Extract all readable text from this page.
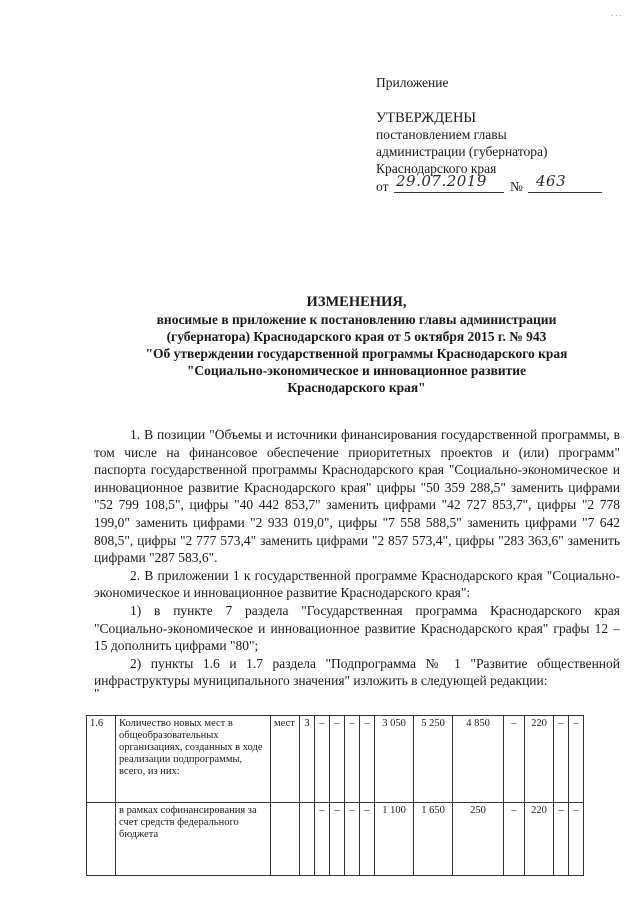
. . .
Приложение
УТВЕРЖДЕНЫ
постановлением главы
администрации (губернатора)
Краснодарского края
от 29.07.2019 № 463
ИЗМЕНЕНИЯ,
вносимые в приложение к постановлению главы администрации
(губернатора) Краснодарского края от 5 октября 2015 г. № 943
"Об утверждении государственной программы Краснодарского края
"Социально-экономическое и инновационное развитие
Краснодарского края"

1. В позиции "Объемы и источники финансирования государственной программы, в том числе на финансовое обеспечение приоритетных проектов и (или) программ" паспорта государственной программы Краснодарского края "Социально-экономическое и инновационное развитие Краснодарского края" цифры "50 359 288,5" заменить цифрами "52 799 108,5", цифры "40 442 853,7" заменить цифрами "42 727 853,7", цифры "2 778 199,0" заменить цифрами "2 933 019,0", цифры "7 558 588,5" заменить цифрами "7 642 808,5", цифры "2 777 573,4" заменить цифрами "2 857 573,4", цифры "283 363,6" заменить цифрами "287 583,6".

2. В приложении 1 к государственной программе Краснодарского края "Социально-экономическое и инновационное развитие Краснодарского края":

1) в пункте 7 раздела "Государственная программа Краснодарского края "Социально-экономическое и инновационное развитие Краснодарского края" графы 12 – 15 дополнить цифрами "80";

2) пункты 1.6 и 1.7 раздела "Подпрограмма № 1 "Развитие общественной инфраструктуры муниципального значения" изложить в следующей редакции:

"

1.6	Количество новых мест в общеобразовательных организациях, созданных в ходе реализации подпрограммы, всего, из них:	мест	3	–	–	–	–	3 050	5 250	4 850	–	220	–	–
	в рамках софинансирования за счет средств федерального бюджета			–	–	–	–	1 100	1 650	250	–	220	–	–
